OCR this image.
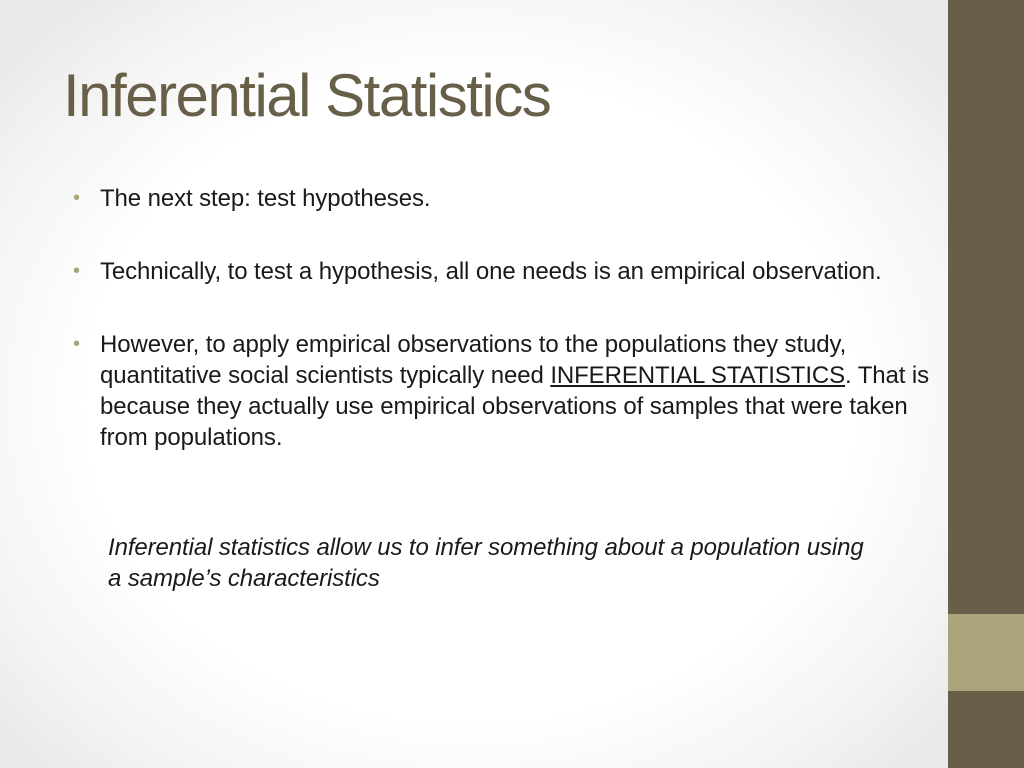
Inferential Statistics
• The next step: test hypotheses.
• Technically, to test a hypothesis, all one needs is an empirical observation.
• However, to apply empirical observations to the populations they study, quantitative social scientists typically need INFERENTIAL STATISTICS. That is because they actually use empirical observations of samples that were taken from populations.

Inferential statistics allow us to infer something about a population using a sample’s characteristics
